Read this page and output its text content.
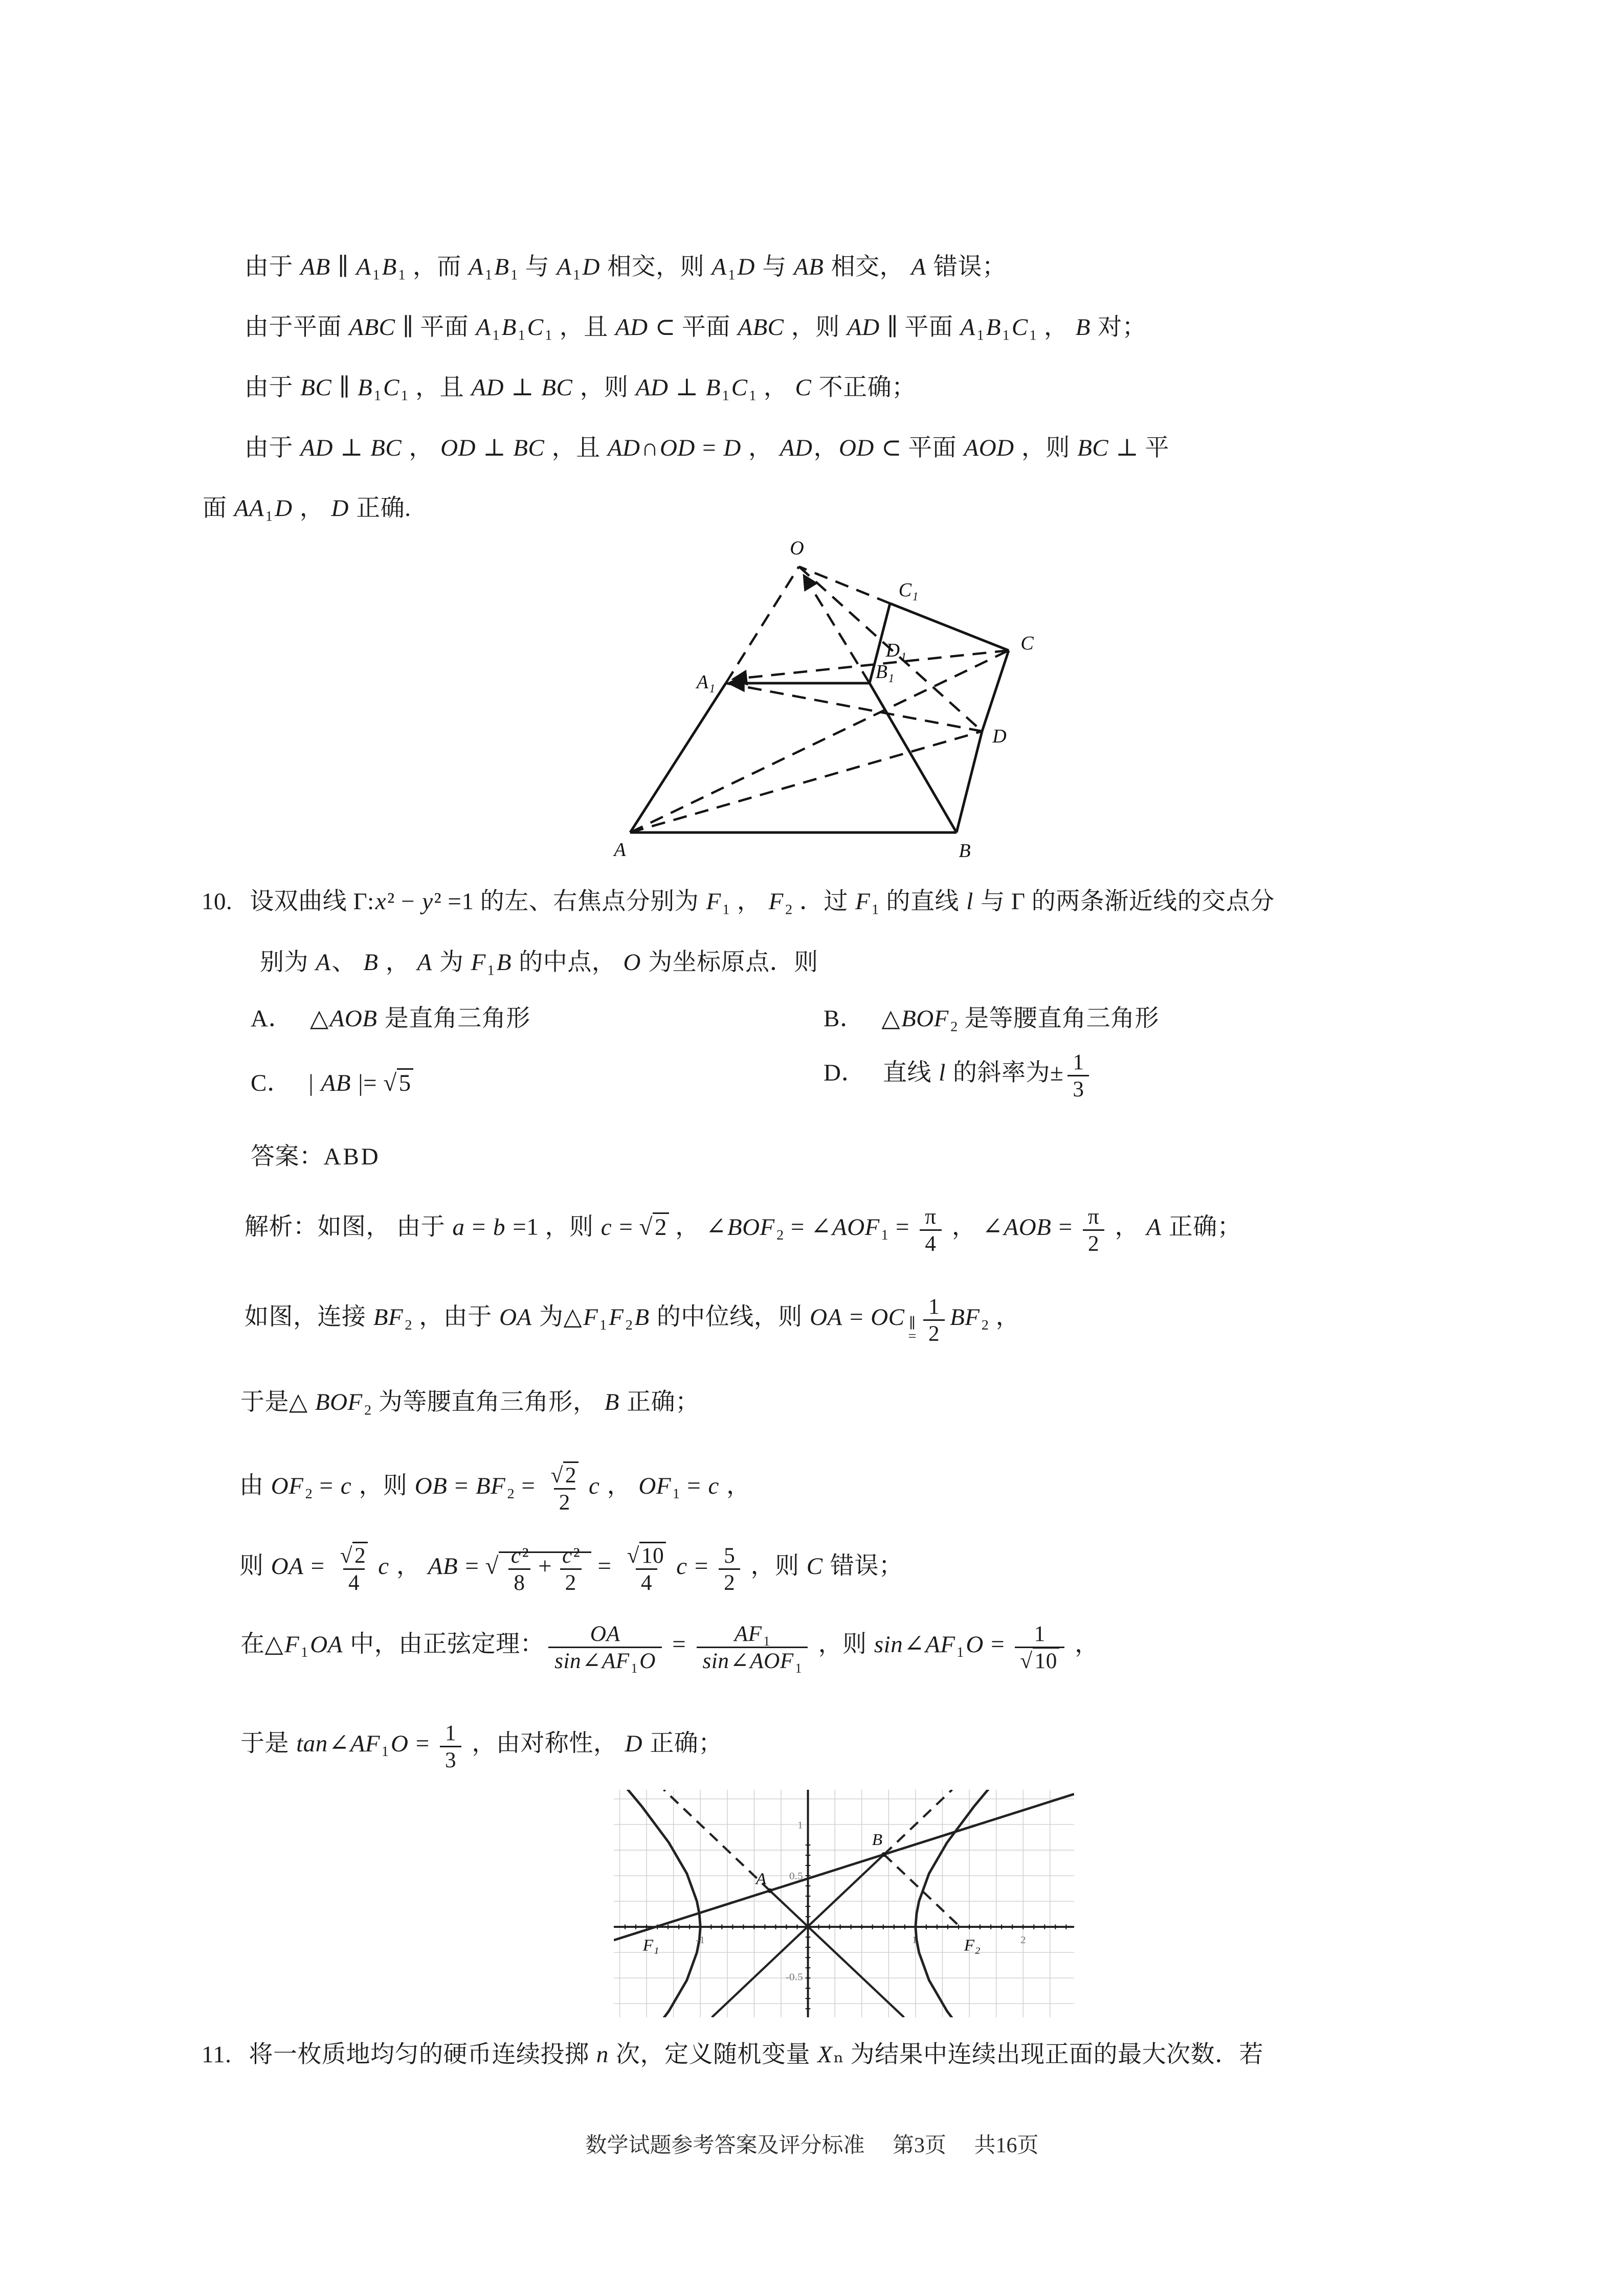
由于 AB ∥ A₁B₁ ，而 A₁B₁ 与 A₁D 相交，则 A₁D 与 AB 相交， A 错误；
由于平面 ABC ∥ 平面 A₁B₁C₁ ，且 AD ⊂ 平面 ABC ，则 AD ∥ 平面 A₁B₁C₁ ， B 对；
由于 BC ∥ B₁C₁ ，且 AD ⊥ BC ，则 AD ⊥ B₁C₁ ， C 不正确；
由于 AD ⊥ BC ， OD ⊥ BC ，且 AD∩OD = D ， AD，OD ⊂ 平面 AOD ，则 BC ⊥ 平
面 AA₁D ， D 正确.
O
C₁
C
D₁
B₁
A₁
D
A	B
10. 设双曲线 Γ:x² − y² =1 的左、右焦点分别为 F₁ ， F₂ ．过 F₁ 的直线 l 与 Γ 的两条渐近线的交点分
别为 A、 B ， A 为 F₁B 的中点， O 为坐标原点．则
A． △AOB 是直角三角形	B． △BOF₂ 是等腰直角三角形
C． | AB |= √5	D． 直线 l 的斜率为± $\frac{1}{3}$
答案：ABD
解析：如图， 由于 a = b =1 ，则 c = √2 ， ∠BOF₂ = ∠AOF₁ = $\frac{\pi}{4}$ ， ∠AOB = $\frac{\pi}{2}$ ， A 正确；
如图，连接 BF₂ ，由于 OA 为△F₁F₂B 的中位线，则 OA = OC ∥
= $\frac{1}{2} BF_2$ ，
于是△ BOF₂ 为等腰直角三角形， B 正确；
由 OF₂ = c ，则 OB = $BF_2 = \frac{√2}{2}$ c ， OF₁ = c ，
则 OA = $\frac{√2}{4}$ c ， AB = √ $\frac{\text{c²}}{8} + \frac{\text{c²}}{2} = \frac{√10}{4}$ $c = \frac{5}{2}$ ，则 C 错误；
在△F₁OA 中，由正弦定理： $\frac{OA}{\text{sin∠AF₁O}} = AF_1$
sin∠AOF₁
，则 sin∠AF₁O = $\frac{1}{√10}$ ，
于是 tan∠AF₁O = $\frac{1}{3}$ ，由对称性， D 正确；
A
B
F₁	F₂
-1	1	2
0.5
1
-0.5
11. 将一枚质地均匀的硬币连续投掷 n 次，定义随机变量 Xₙ 为结果中连续出现正面的最大次数．若
数学试题参考答案及评分标准 第3页 共16页
